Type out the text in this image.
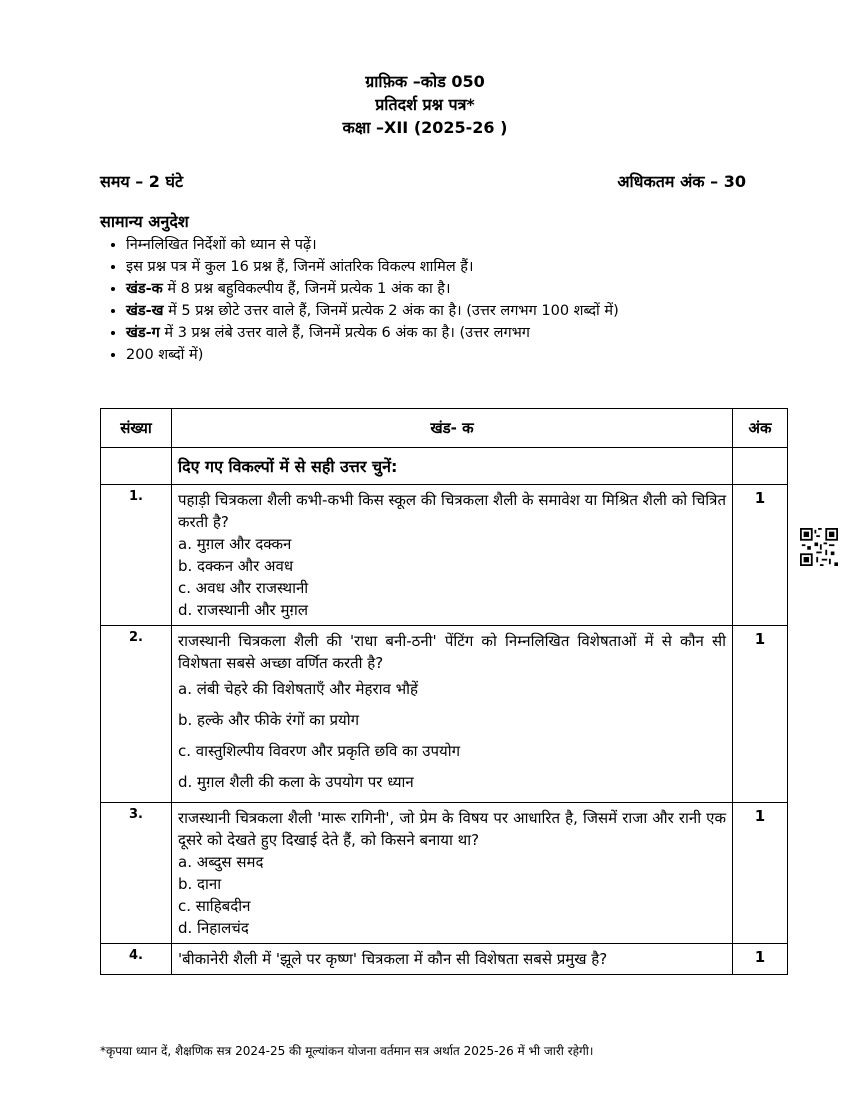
ग्राफ़िक –कोड 050
प्रतिदर्श प्रश्न पत्र*
कक्षा –XII (2025-26 )
समय – 2 घंटे	अधिकतम अंक – 30
सामान्य अनुदेश
• निम्नलिखित निर्देशों को ध्यान से पढ़ें।
• इस प्रश्न पत्र में कुल 16 प्रश्न हैं, जिनमें आंतरिक विकल्प शामिल हैं।
• खंड-क में 8 प्रश्न बहुविकल्पीय हैं, जिनमें प्रत्येक 1 अंक का है।
• खंड-ख में 5 प्रश्न छोटे उत्तर वाले हैं, जिनमें प्रत्येक 2 अंक का है। (उत्तर लगभग 100 शब्दों में)
• खंड-ग में 3 प्रश्न लंबे उत्तर वाले हैं, जिनमें प्रत्येक 6 अंक का है। (उत्तर लगभग
• 200 शब्दों में)
संख्या	खंड- क	अंक
	दिए गए विकल्पों में से सही उत्तर चुनें:	
1.	पहाड़ी चित्रकला शैली कभी-कभी किस स्कूल की चित्रकला शैली के समावेश या मिश्रित शैली को चित्रित करती है?
a. मुग़ल और दक्कन
b. दक्कन और अवध
c. अवध और राजस्थानी
d. राजस्थानी और मुग़ल	1
2.	राजस्थानी चित्रकला शैली की 'राधा बनी-ठनी' पेंटिंग को निम्नलिखित विशेषताओं में से कौन सी विशेषता सबसे अच्छा वर्णित करती है?
a. लंबी चेहरे की विशेषताएँ और मेहराव भौहें
b. हल्के और फीके रंगों का प्रयोग
c. वास्तुशिल्पीय विवरण और प्रकृति छवि का उपयोग
d. मुग़ल शैली की कला के उपयोग पर ध्यान	1
3.	राजस्थानी चित्रकला शैली 'मारू रागिनी', जो प्रेम के विषय पर आधारित है, जिसमें राजा और रानी एक दूसरे को देखते हुए दिखाई देते हैं, को किसने बनाया था?
a. अब्दुस समद
b. दाना
c. साहिबदीन
d. निहालचंद	1
4.	'बीकानेरी शैली में 'झूले पर कृष्ण' चित्रकला में कौन सी विशेषता सबसे प्रमुख है?	1
*कृपया ध्यान दें, शैक्षणिक सत्र 2024-25 की मूल्यांकन योजना वर्तमान सत्र अर्थात 2025-26 में भी जारी रहेगी।
